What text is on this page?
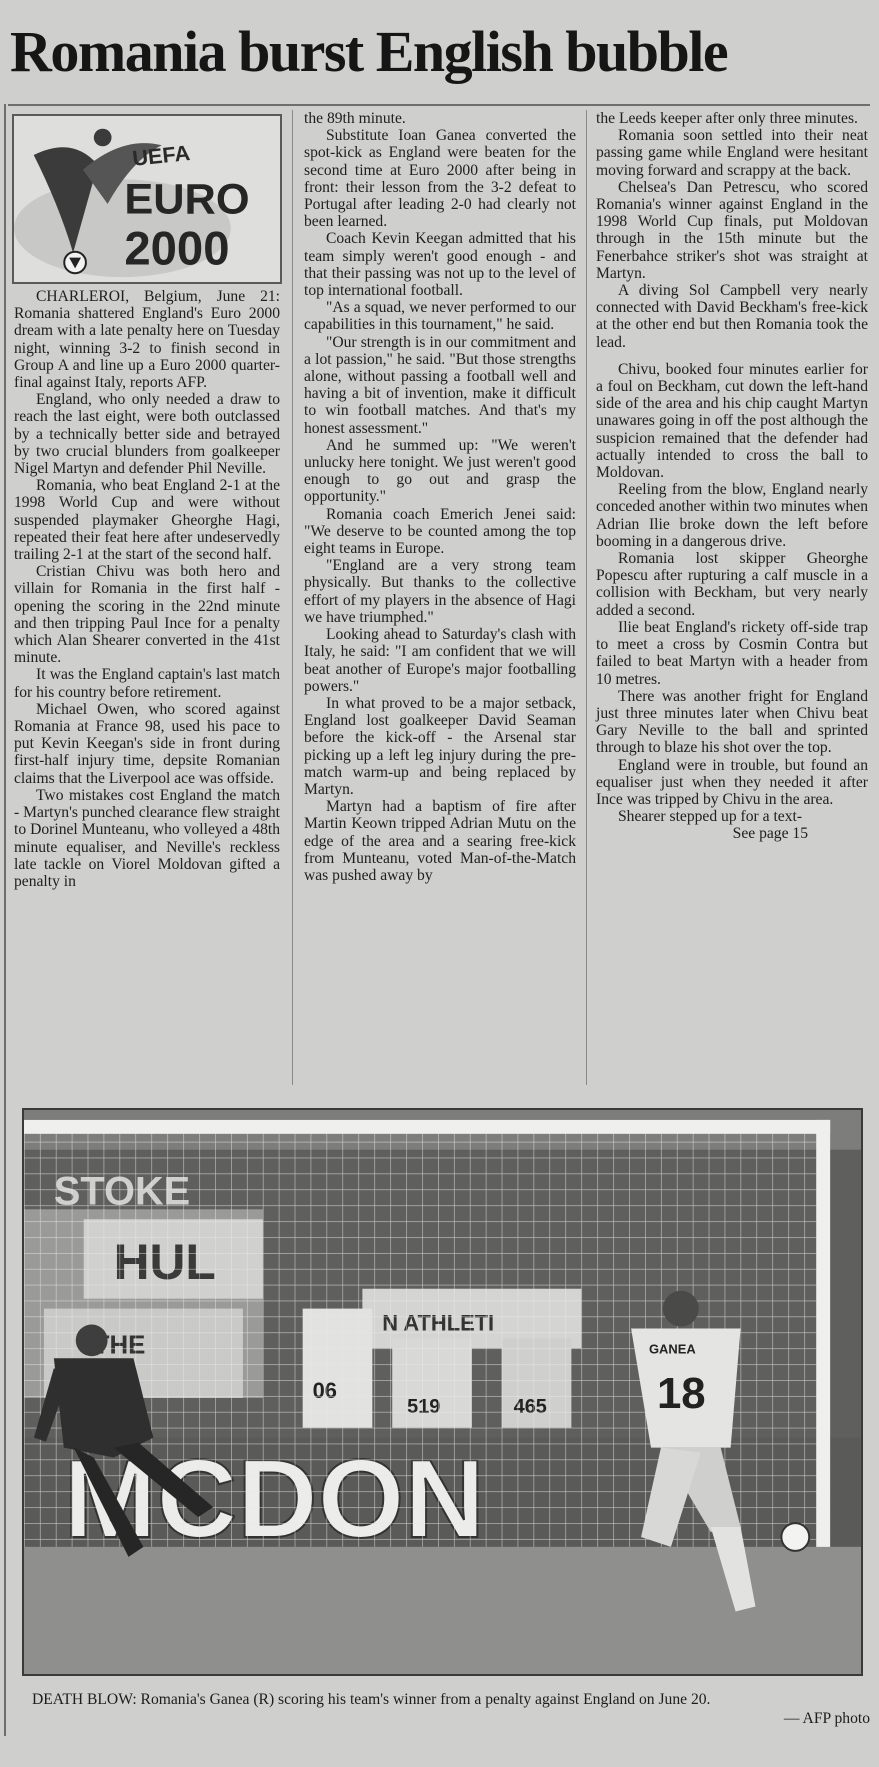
Romania burst English bubble
UEFA
EURO
2000

CHARLEROI, Belgium, June 21: Romania shattered England's Euro 2000 dream with a late penalty here on Tuesday night, winning 3-2 to finish second in Group A and line up a Euro 2000 quarter-final against Italy, reports AFP.

England, who only needed a draw to reach the last eight, were both outclassed by a technically better side and betrayed by two crucial blunders from goalkeeper Nigel Martyn and defender Phil Neville.

Romania, who beat England 2-1 at the 1998 World Cup and were without suspended playmaker Gheorghe Hagi, repeated their feat here after undeservedly trailing 2-1 at the start of the second half.

Cristian Chivu was both hero and villain for Romania in the first half - opening the scoring in the 22nd minute and then tripping Paul Ince for a penalty which Alan Shearer converted in the 41st minute.

It was the England captain's last match for his country before retirement.

Michael Owen, who scored against Romania at France 98, used his pace to put Kevin Keegan's side in front during first-half injury time, depsite Romanian claims that the Liverpool ace was offside.

Two mistakes cost England the match - Martyn's punched clearance flew straight to Dorinel Munteanu, who volleyed a 48th minute equaliser, and Neville's reckless late tackle on Viorel Moldovan gifted a penalty in

the 89th minute.

Substitute Ioan Ganea converted the spot-kick as England were beaten for the second time at Euro 2000 after being in front: their lesson from the 3-2 defeat to Portugal after leading 2-0 had clearly not been learned.

Coach Kevin Keegan admitted that his team simply weren't good enough - and that their passing was not up to the level of top international football.

"As a squad, we never performed to our capabilities in this tournament," he said.

"Our strength is in our commitment and a lot passion," he said. "But those strengths alone, without passing a football well and having a bit of invention, make it difficult to win football matches. And that's my honest assessment."

And he summed up: "We weren't unlucky here tonight. We just weren't good enough to go out and grasp the opportunity."

Romania coach Emerich Jenei said: "We deserve to be counted among the top eight teams in Europe.

"England are a very strong team physically. But thanks to the collective effort of my players in the absence of Hagi we have triumphed."

Looking ahead to Saturday's clash with Italy, he said: "I am confident that we will beat another of Europe's major footballing powers."

In what proved to be a major setback, England lost goalkeeper David Seaman before the kick-off - the Arsenal star picking up a left leg injury during the pre-match warm-up and being replaced by Martyn.

Martyn had a baptism of fire after Martin Keown tripped Adrian Mutu on the edge of the area and a searing free-kick from Munteanu, voted Man-of-the-Match was pushed away by

the Leeds keeper after only three minutes.

Romania soon settled into their neat passing game while England were hesitant moving forward and scrappy at the back.

Chelsea's Dan Petrescu, who scored Romania's winner against England in the 1998 World Cup finals, put Moldovan through in the 15th minute but the Fenerbahce striker's shot was straight at Martyn.

A diving Sol Campbell very nearly connected with David Beckham's free-kick at the other end but then Romania took the lead.

Chivu, booked four minutes earlier for a foul on Beckham, cut down the left-hand side of the area and his chip caught Martyn unawares going in off the post although the suspicion remained that the defender had actually intended to cross the ball to Moldovan.

Reeling from the blow, England nearly conceded another within two minutes when Adrian Ilie broke down the left before booming in a dangerous drive.

Romania lost skipper Gheorghe Popescu after rupturing a calf muscle in a collision with Beckham, but very nearly added a second.

Ilie beat England's rickety off-side trap to meet a cross by Cosmin Contra but failed to beat Martyn with a header from 10 metres.

There was another fright for England just three minutes later when Chivu beat Gary Neville to the ball and sprinted through to blaze his shot over the top.

England were in trouble, but found an equaliser just when they needed it after Ince was tripped by Chivu in the area.

Shearer stepped up for a text-

See page 15

GANEA
18
DEATH BLOW: Romania's Ganea (R) scoring his team's winner from a penalty against England on June 20.
— AFP photo
